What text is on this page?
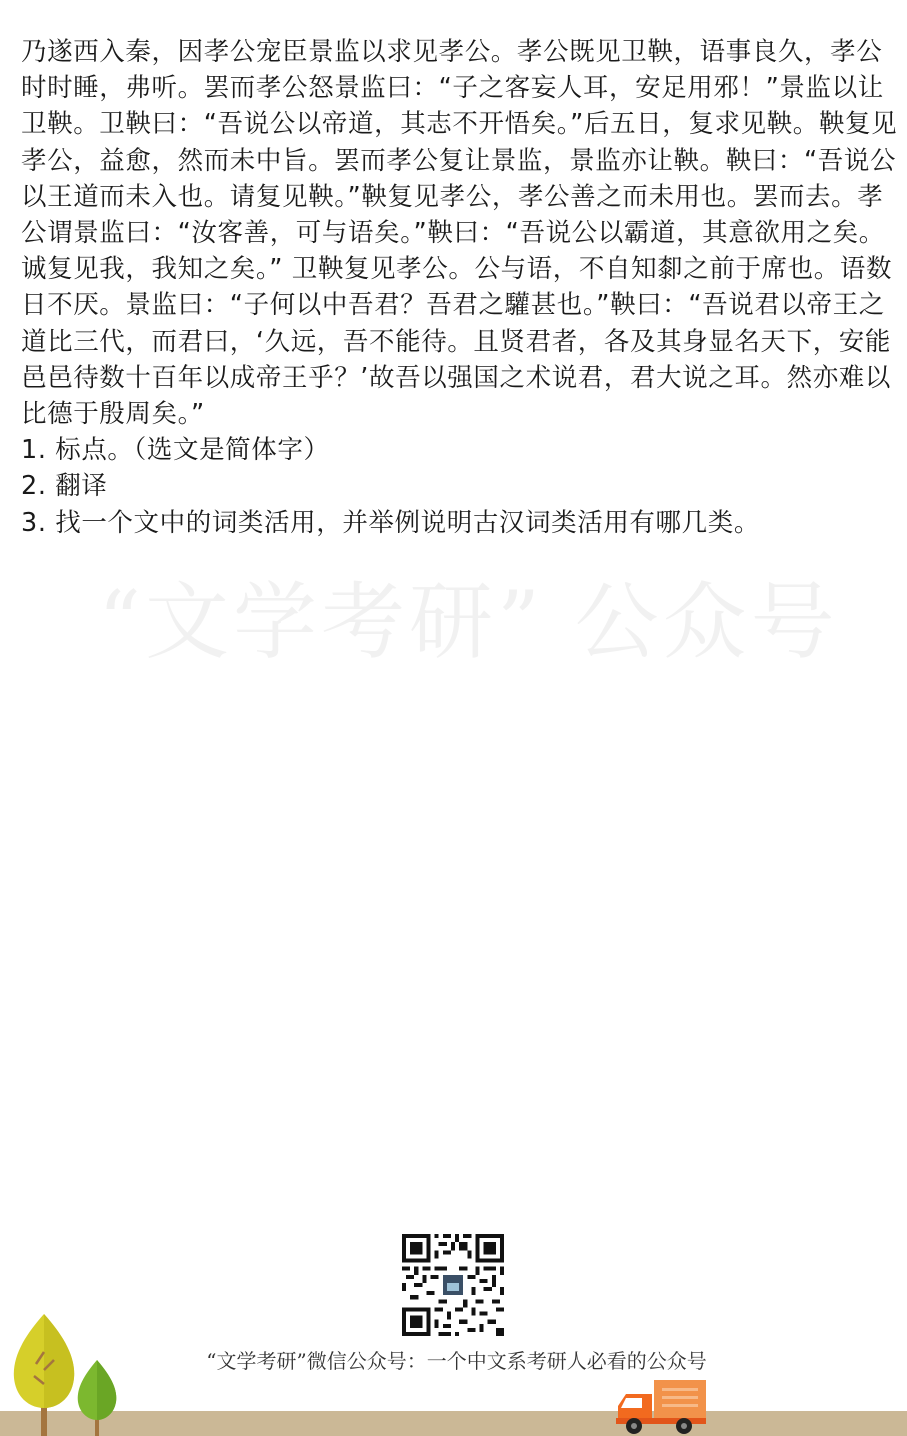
“文学考研” 公众号

乃遂西入秦，因孝公宠臣景监以求见孝公。孝公既见卫鞅，语事良久，孝公时时睡，弗听。罢而孝公怒景监曰：“子之客妄人耳，安足用邪！”景监以让卫鞅。卫鞅曰：“吾说公以帝道，其志不开悟矣。”后五日，复求见鞅。鞅复见孝公，益愈，然而未中旨。罢而孝公复让景监，景监亦让鞅。鞅曰：“吾说公以王道而未入也。请复见鞅。”鞅复见孝公，孝公善之而未用也。罢而去。孝公谓景监曰：“汝客善，可与语矣。”鞅曰：“吾说公以霸道，其意欲用之矣。诚复见我，我知之矣。” 卫鞅复见孝公。公与语，不自知厀之前于席也。语数日不厌。景监曰：“子何以中吾君？吾君之驩甚也。”鞅曰：“吾说君以帝王之道比三代，而君曰，‘久远，吾不能待。且贤君者，各及其身显名天下，安能邑邑待数十百年以成帝王乎？’故吾以强国之术说君，君大说之耳。然亦难以比德于殷周矣。”

1. 标点。（选文是简体字）
2. 翻译
3. 找一个文中的词类活用，并举例说明古汉词类活用有哪几类。
“文学考研”微信公众号：一个中文系考研人必看的公众号
